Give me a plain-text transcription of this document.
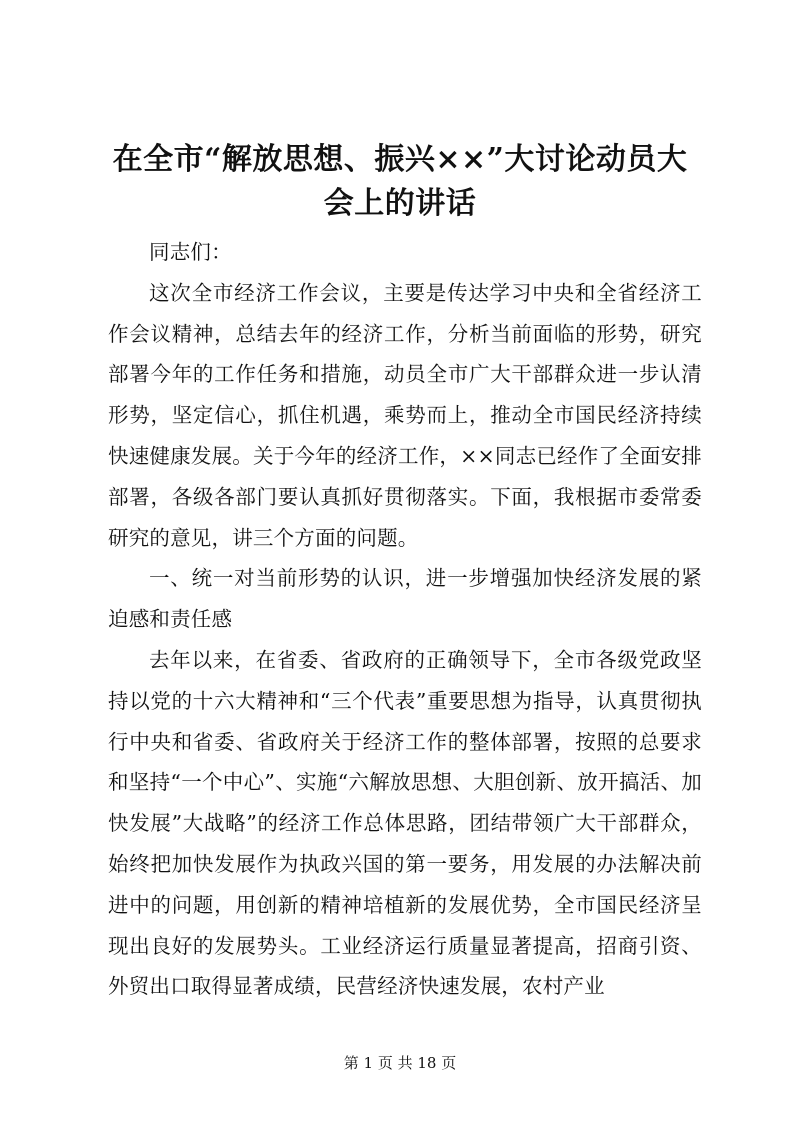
在全市“解放思想、振兴××”大讨论动员大
会上的讲话

同志们：

这次全市经济工作会议，主要是传达学习中央和全省经济工作会议精神，总结去年的经济工作，分析当前面临的形势，研究部署今年的工作任务和措施，动员全市广大干部群众进一步认清形势，坚定信心，抓住机遇，乘势而上，推动全市国民经济持续快速健康发展。关于今年的经济工作，××同志已经作了全面安排部署，各级各部门要认真抓好贯彻落实。下面，我根据市委常委研究的意见，讲三个方面的问题。

一、统一对当前形势的认识，进一步增强加快经济发展的紧迫感和责任感

去年以来，在省委、省政府的正确领导下，全市各级党政坚持以党的十六大精神和“三个代表”重要思想为指导，认真贯彻执行中央和省委、省政府关于经济工作的整体部署，按照的总要求和坚持“一个中心”、实施“六解放思想、大胆创新、放开搞活、加快发展”大战略”的经济工作总体思路，团结带领广大干部群众，始终把加快发展作为执政兴国的第一要务，用发展的办法解决前进中的问题，用创新的精神培植新的发展优势，全市国民经济呈现出良好的发展势头。工业经济运行质量显著提高，招商引资、外贸出口取得显著成绩，民营经济快速发展，农村产业

第 1 页 共 18 页
